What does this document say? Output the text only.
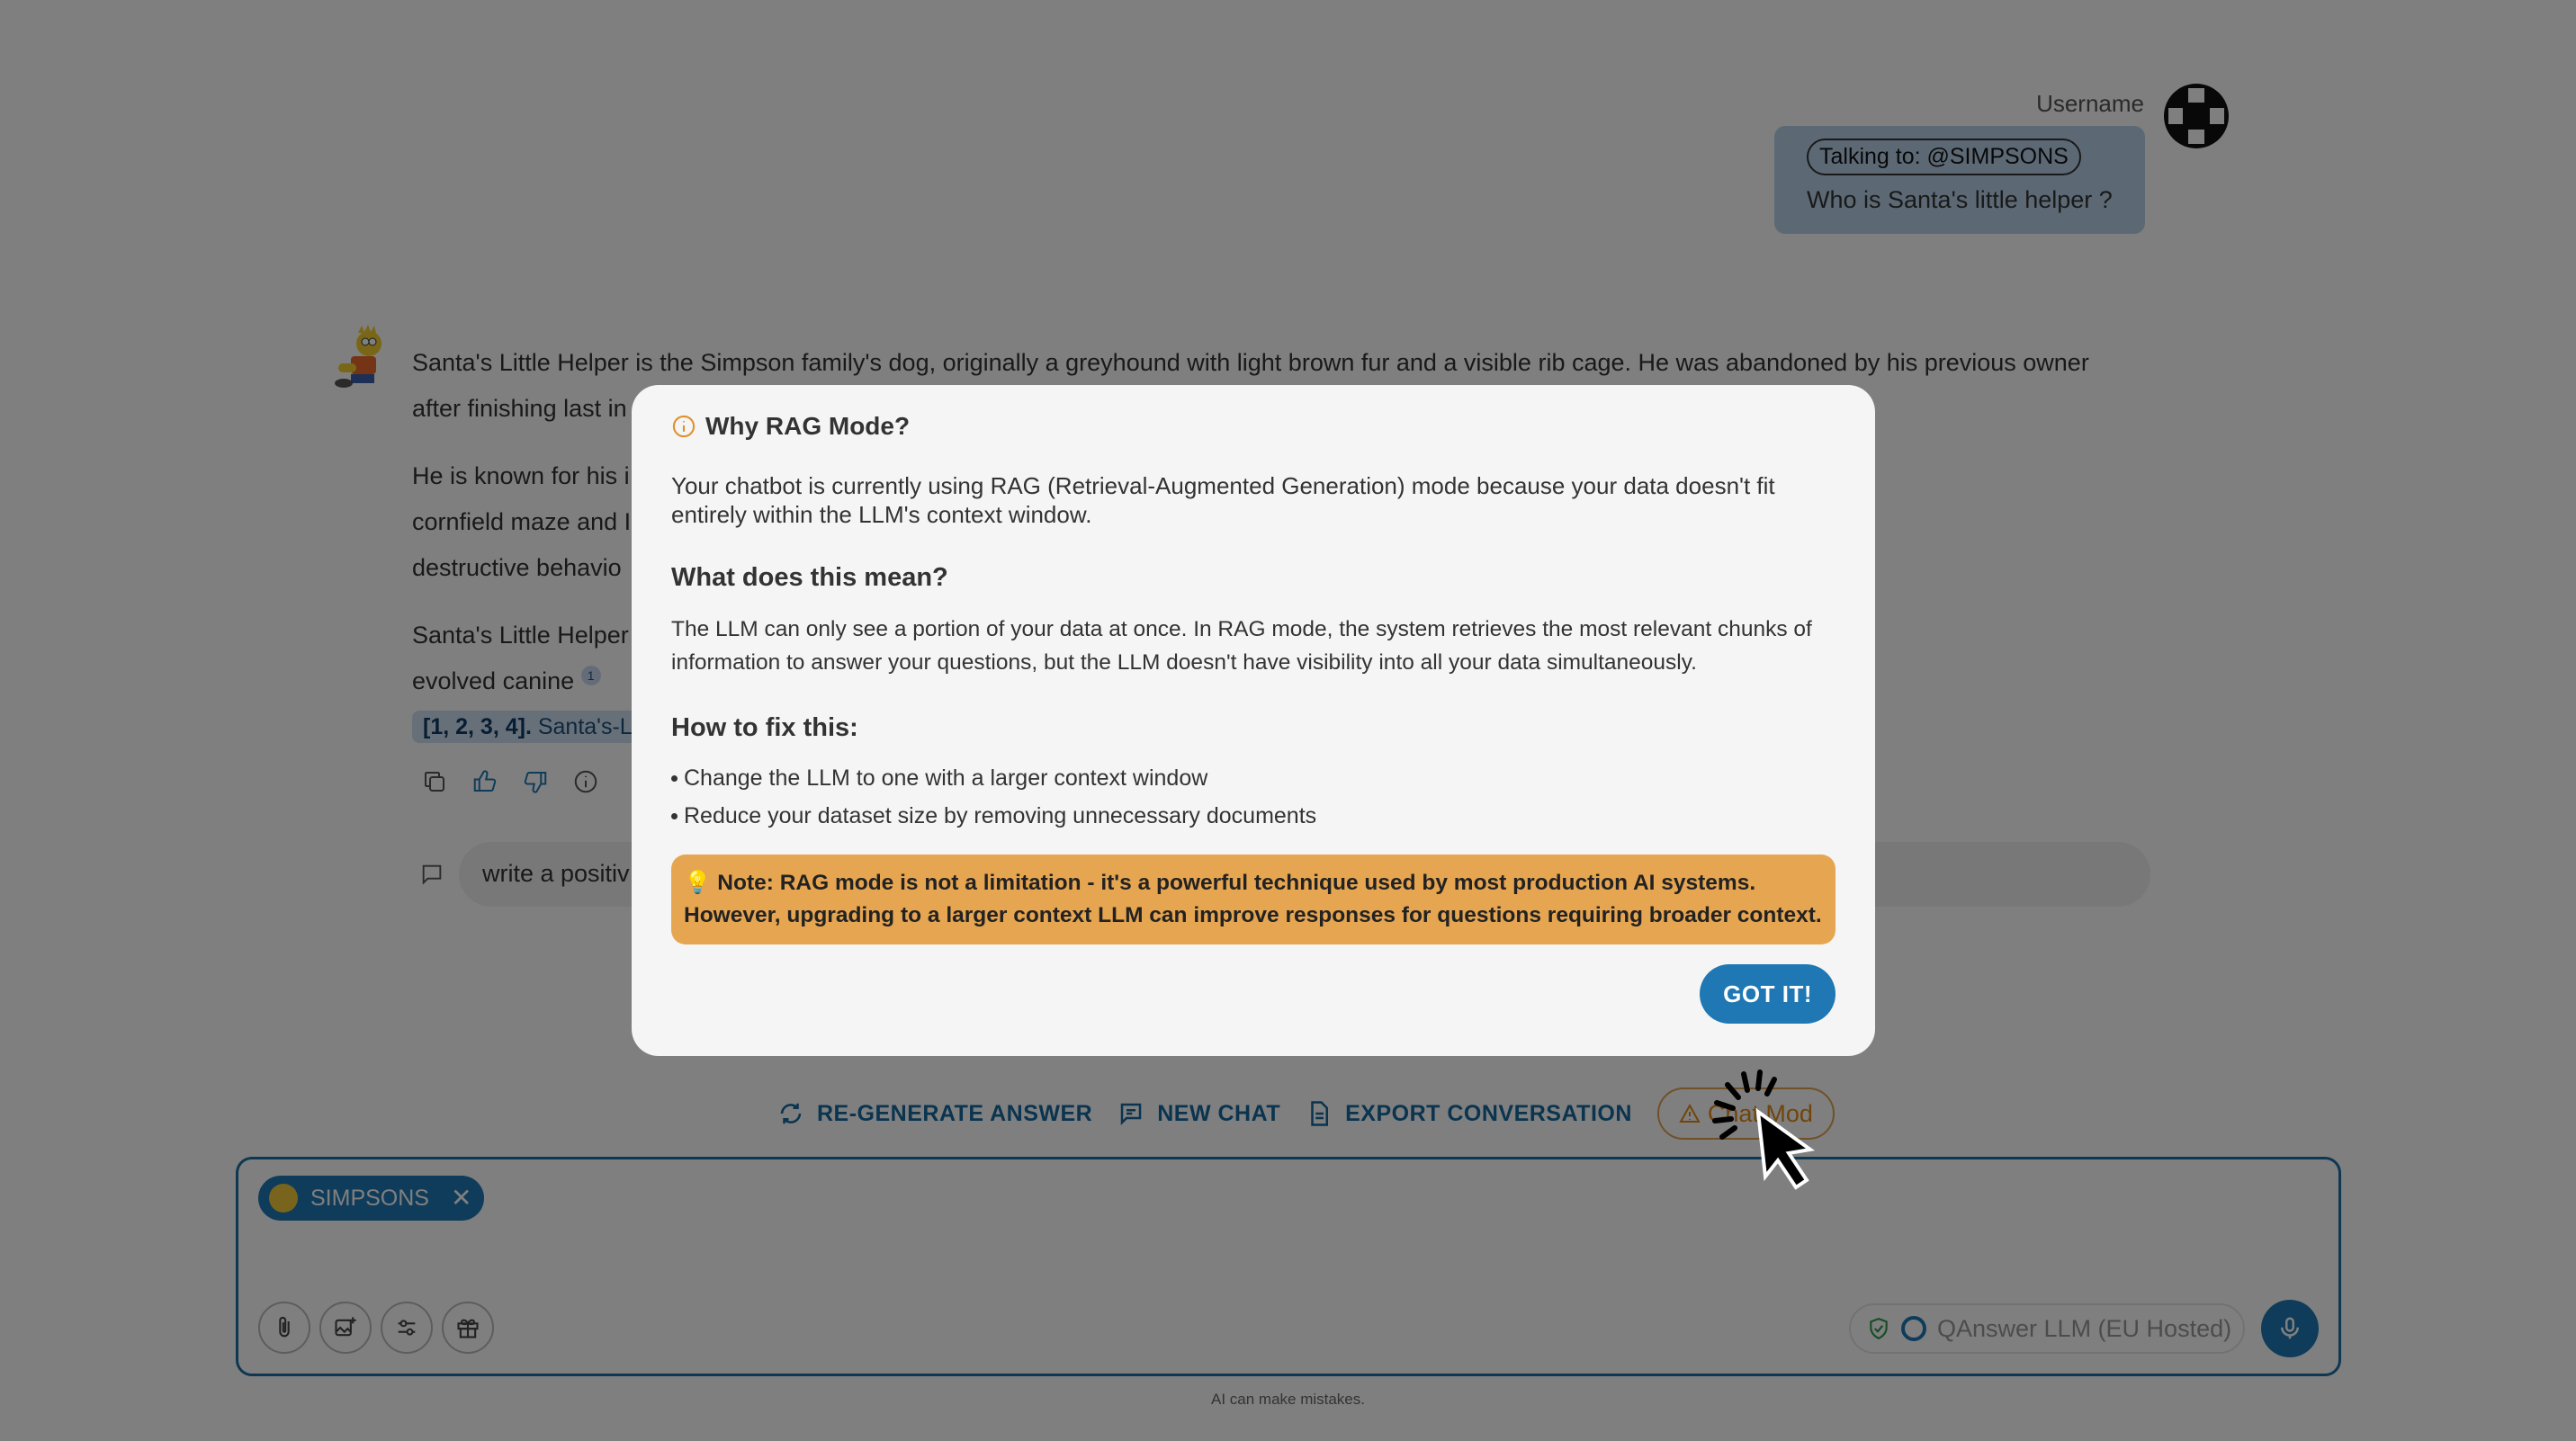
Why RAG Mode?
Your chatbot is currently using RAG (Retrieval-Augmented Generation) mode because your data doesn't fit entirely within the LLM's context window.
What does this mean?
The LLM can only see a portion of your data at once. In RAG mode, the system retrieves the most relevant chunks of information to answer your questions, but the LLM doesn't have visibility into all your data simultaneously.
How to fix this:
Change the LLM to one with a larger context window
Reduce your dataset size by removing unnecessary documents
💡 Note: RAG mode is not a limitation - it's a powerful technique used by most production AI systems. However, upgrading to a larger context LLM can improve responses for questions requiring broader context.
GOT IT!
